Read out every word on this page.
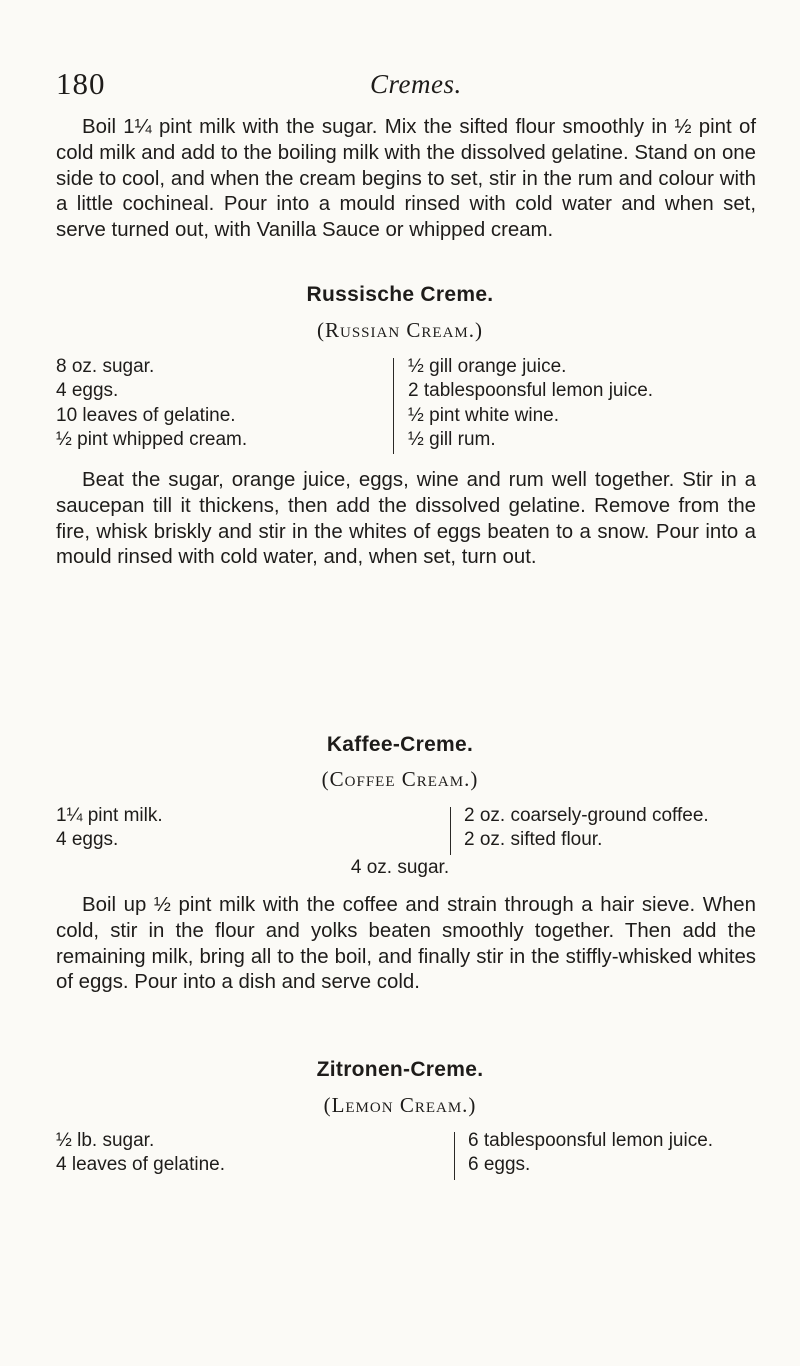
180	Cremes.

Boil 1¼ pint milk with the sugar. Mix the sifted flour smoothly in ½ pint of cold milk and add to the boiling milk with the dissolved gelatine. Stand on one side to cool, and when the cream begins to set, stir in the rum and colour with a little cochineal. Pour into a mould rinsed with cold water and when set, serve turned out, with Vanilla Sauce or whipped cream.

Russische Creme.
(Russian Cream.)
8 oz. sugar.
4 eggs.
10 leaves of gelatine.
½ pint whipped cream.
½ gill orange juice.
2 tablespoonsful lemon juice.
½ pint white wine.
½ gill rum.

Beat the sugar, orange juice, eggs, wine and rum well together. Stir in a saucepan till it thickens, then add the dissolved gelatine. Remove from the fire, whisk briskly and stir in the whites of eggs beaten to a snow. Pour into a mould rinsed with cold water, and, when set, turn out.

Kaffee-Creme.
(Coffee Cream.)
1¼ pint milk.
4 eggs.
2 oz. coarsely-ground coffee.
2 oz. sifted flour.
4 oz. sugar.

Boil up ½ pint milk with the coffee and strain through a hair sieve. When cold, stir in the flour and yolks beaten smoothly together. Then add the remaining milk, bring all to the boil, and finally stir in the stiffly-whisked whites of eggs. Pour into a dish and serve cold.

Zitronen-Creme.
(Lemon Cream.)
½ lb. sugar.
4 leaves of gelatine.
6 tablespoonsful lemon juice.
6 eggs.
